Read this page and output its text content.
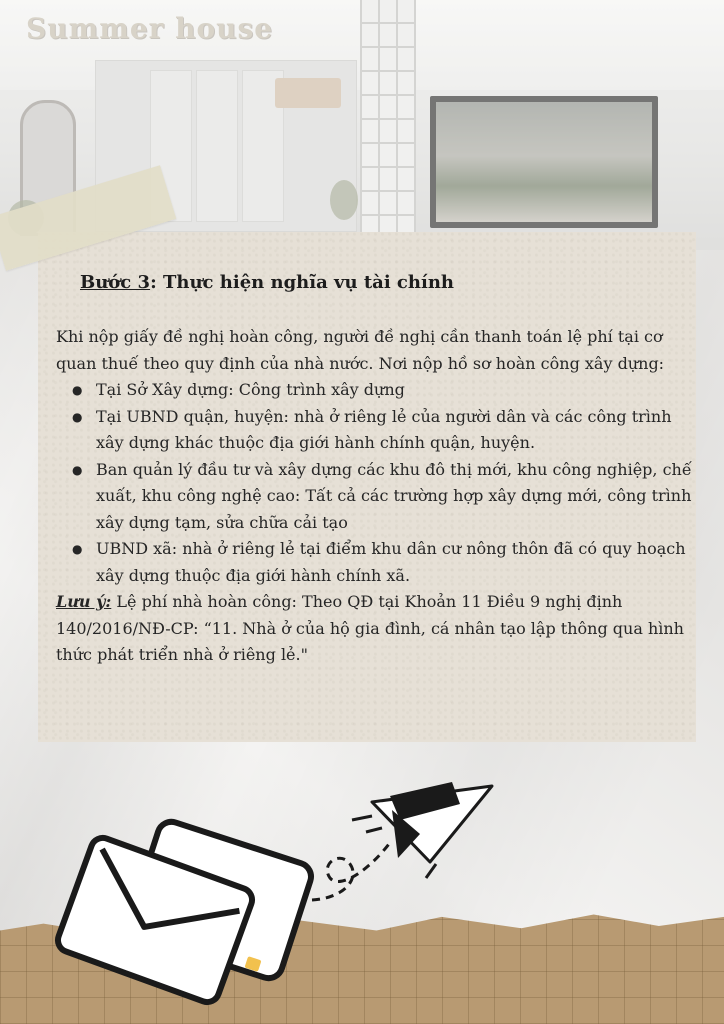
Summer house
Bước 3: Thực hiện nghĩa vụ tài chính

Khi nộp giấy đề nghị hoàn công, người đề nghị cần thanh toán lệ phí tại cơ quan thuế theo quy định của nhà nước. Nơi nộp hồ sơ hoàn công xây dựng:

● Tại Sở Xây dựng: Công trình xây dựng
● Tại UBND quận, huyện: nhà ở riêng lẻ của người dân và các công trình xây dựng khác thuộc địa giới hành chính quận, huyện.
● Ban quản lý đầu tư và xây dựng các khu đô thị mới, khu công nghiệp, chế xuất, khu công nghệ cao: Tất cả các trường hợp xây dựng mới, công trình xây dựng tạm, sửa chữa cải tạo
● UBND xã: nhà ở riêng lẻ tại điểm khu dân cư nông thôn đã có quy hoạch xây dựng thuộc địa giới hành chính xã.

Lưu ý: Lệ phí nhà hoàn công: Theo QĐ tại Khoản 11 Điều 9 nghị định 140/2016/NĐ-CP: “11. Nhà ở của hộ gia đình, cá nhân tạo lập thông qua hình thức phát triển nhà ở riêng lẻ."
